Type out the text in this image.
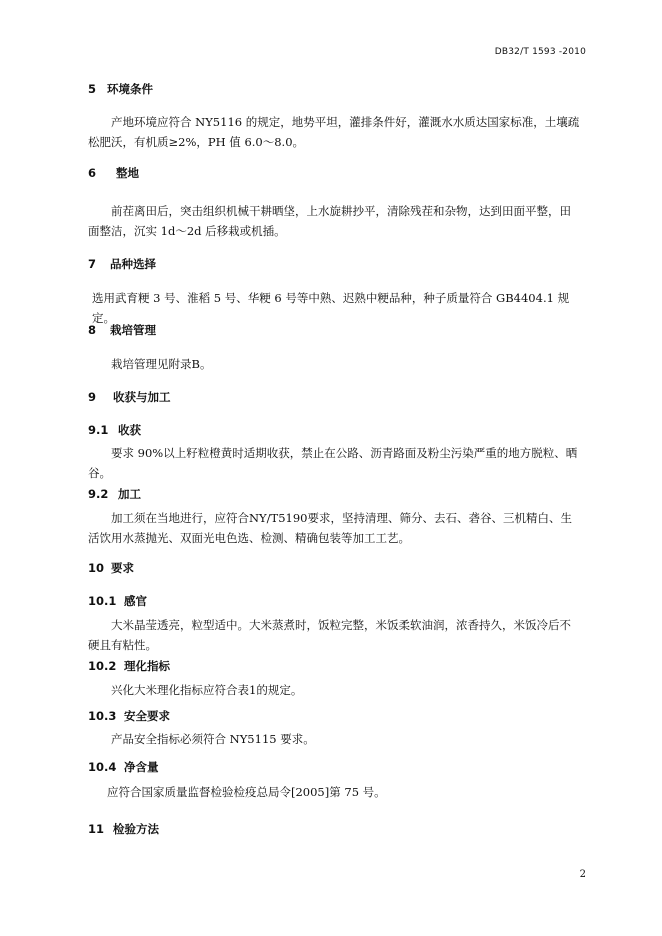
DB32/T 1593 -2010
5 环境条件
产地环境应符合 NY5116 的规定，地势平坦，灌排条件好，灌溉水水质达国家标准，土壤疏松肥沃，有机质≥2%，PH 值 6.0～8.0。
6 整地
前茬离田后，突击组织机械干耕晒垡，上水旋耕抄平，清除残茬和杂物，达到田面平整，田面整洁，沉实 1d～2d 后移栽或机插。
7 品种选择
选用武育粳 3 号、淮稻 5 号、华粳 6 号等中熟、迟熟中粳品种，种子质量符合 GB4404.1 规定。
8 栽培管理
栽培管理见附录B。
9 收获与加工
9.1 收获
要求 90%以上籽粒橙黄时适期收获，禁止在公路、沥青路面及粉尘污染严重的地方脱粒、晒谷。
9.2 加工
加工须在当地进行，应符合NY/T5190要求，坚持清理、筛分、去石、砻谷、三机精白、生活饮用水蒸抛光、双面光电色选、检测、精确包装等加工工艺。
10 要求
10.1 感官
大米晶莹透亮，粒型适中。大米蒸煮时，饭粒完整，米饭柔软油润，浓香持久，米饭冷后不硬且有粘性。
10.2 理化指标
兴化大米理化指标应符合表1的规定。
10.3 安全要求
产品安全指标必须符合 NY5115 要求。
10.4 净含量
应符合国家质量监督检验检疫总局令[2005]第 75 号。
11 检验方法
2
